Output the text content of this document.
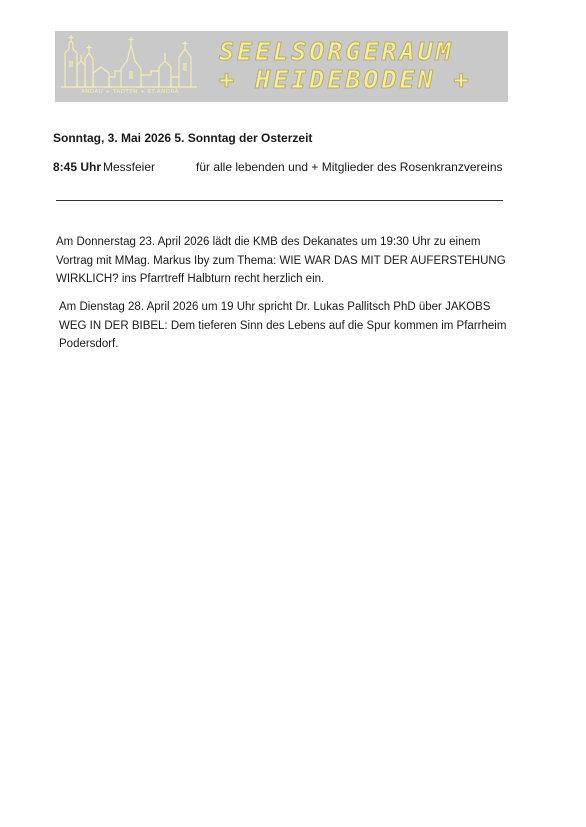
ANDAU + TADTEN + ST.ANDRÄ
SEELSORGERAUM
+ HEIDEBODEN +
Sonntag, 3. Mai 2026 5. Sonntag der Osterzeit
8:45 Uhr Messfeier	für alle lebenden und + Mitglieder des Rosenkranzvereins
Am Donnerstag 23. April 2026 lädt die KMB des Dekanates um 19:30 Uhr zu einem
Vortrag mit MMag. Markus Iby zum Thema: WIE WAR DAS MIT DER AUFERSTEHUNG
WIRKLICH? ins Pfarrtreff Halbturn recht herzlich ein.
Am Dienstag 28. April 2026 um 19 Uhr spricht Dr. Lukas Pallitsch PhD über JAKOBS
WEG IN DER BIBEL: Dem tieferen Sinn des Lebens auf die Spur kommen im Pfarrheim
Podersdorf.
